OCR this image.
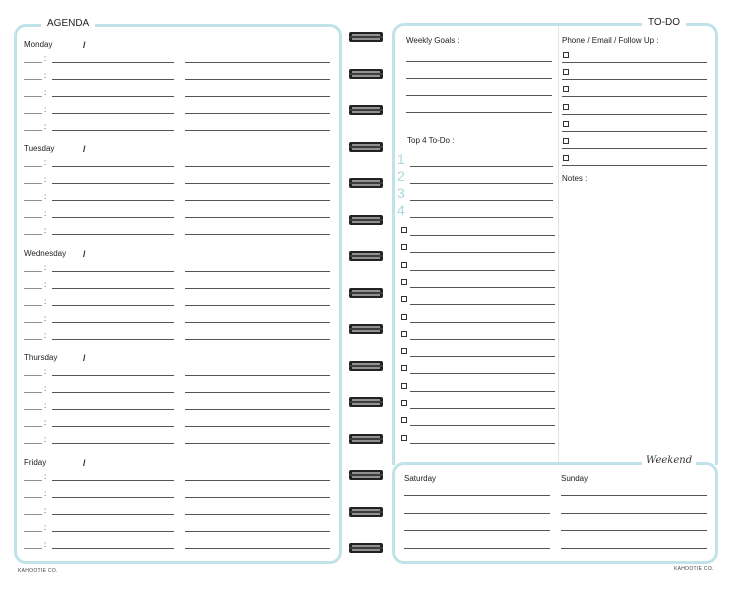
AGENDA
Monday	/
____ :
____ :
____ :
____ :
____ :
Tuesday	/
____ :
____ :
____ :
____ :
____ :
Wednesday /
____ :
____ :
____ :
____ :
____ :
Thursday	/
____ :
____ :
____ :
____ :
____ :
Friday	/
____ :
____ :
____ :
____ :
____ :
TO-DO
Weekly Goals :
Top 4 To-Do :
Phone / Email / Follow Up :
Notes :
1
2
3
4
Weekend
Saturday	Sunday
KAHOOTIE CO.	KAHOOTIE CO.
